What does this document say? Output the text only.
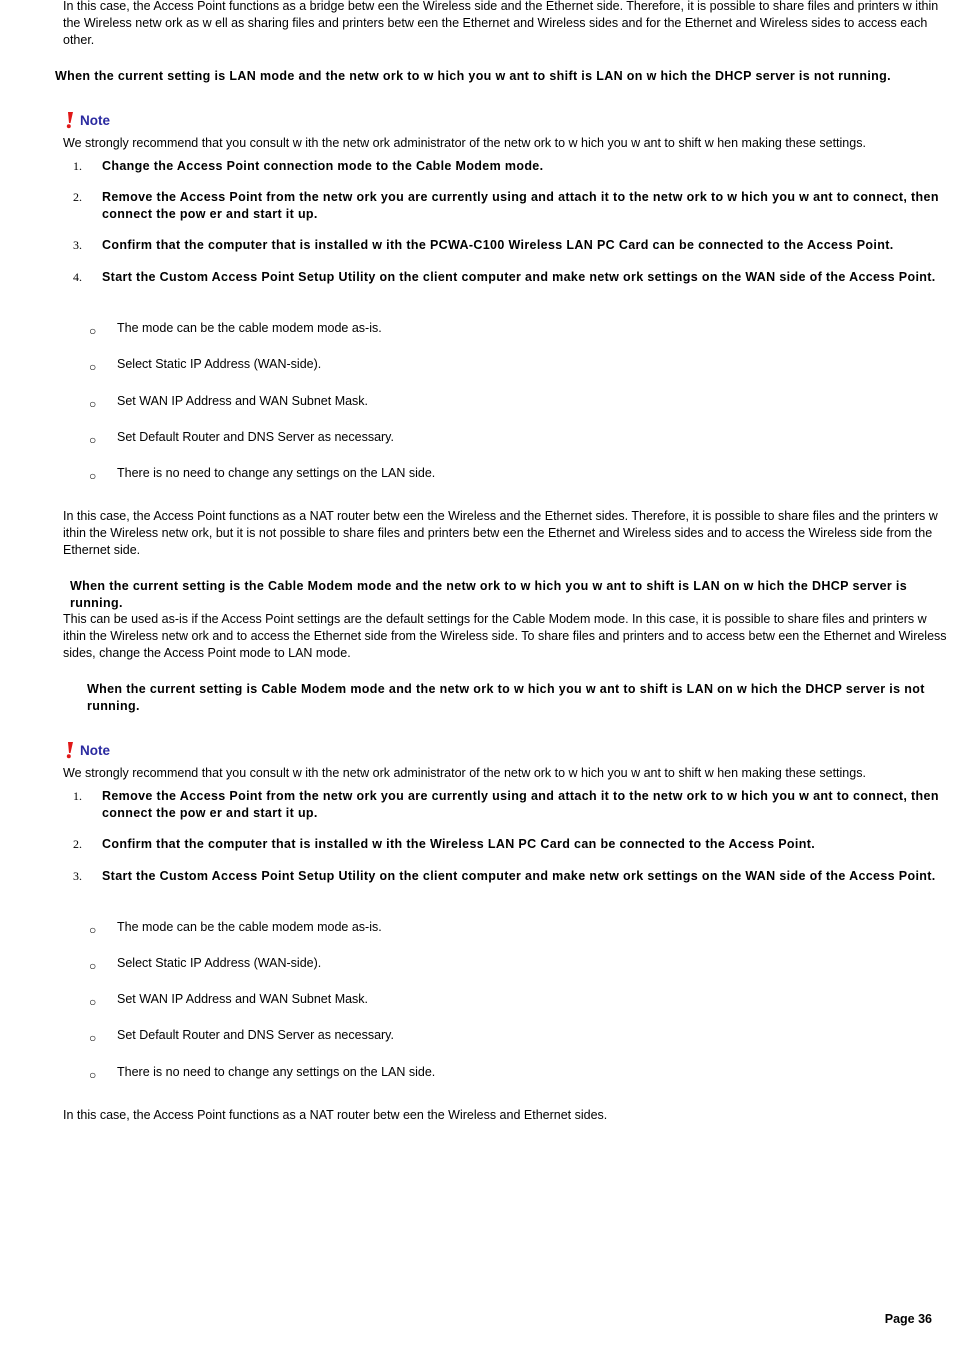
In this case, the Access Point functions as a bridge betw een the Wireless side and the Ethernet side. Therefore, it is possible to share files and printers w ithin the Wireless netw ork as w ell as sharing files and printers betw een the Ethernet and Wireless sides and for the Ethernet and Wireless sides to access each other.
When the current setting is LAN mode and the netw ork to w hich you w ant to shift is LAN on w hich the DHCP server is not running.
Note
We strongly recommend that you consult w ith the netw ork administrator of the netw ork to w hich you w ant to shift w hen making these settings.
1. Change the Access Point connection mode to the Cable Modem mode.
2. Remove the Access Point from the netw ork you are currently using and attach it to the netw ork to w hich you w ant to connect, then connect the pow er and start it up.
3. Confirm that the computer that is installed w ith the PCWA-C100 Wireless LAN PC Card can be connected to the Access Point.
4. Start the Custom Access Point Setup Utility on the client computer and make netw ork settings on the WAN side of the Access Point.
○ The mode can be the cable modem mode as-is.
○ Select Static IP Address (WAN-side).
○ Set WAN IP Address and WAN Subnet Mask.
○ Set Default Router and DNS Server as necessary.
○ There is no need to change any settings on the LAN side.
In this case, the Access Point functions as a NAT router betw een the Wireless and the Ethernet sides. Therefore, it is possible to share files and the printers w ithin the Wireless netw ork, but it is not possible to share files and printers betw een the Ethernet and Wireless sides and to access the Wireless side from the Ethernet side.
When the current setting is the Cable Modem mode and the netw ork to w hich you w ant to shift is LAN on w hich the DHCP server is running.
This can be used as-is if the Access Point settings are the default settings for the Cable Modem mode. In this case, it is possible to share files and printers w ithin the Wireless netw ork and to access the Ethernet side from the Wireless side. To share files and printers and to access betw een the Ethernet and Wireless sides, change the Access Point mode to LAN mode.
When the current setting is Cable Modem mode and the netw ork to w hich you w ant to shift is LAN on w hich the DHCP server is not running.
Note
We strongly recommend that you consult w ith the netw ork administrator of the netw ork to w hich you w ant to shift w hen making these settings.
1. Remove the Access Point from the netw ork you are currently using and attach it to the netw ork to w hich you w ant to connect, then connect the pow er and start it up.
2. Confirm that the computer that is installed w ith the Wireless LAN PC Card can be connected to the Access Point.
3. Start the Custom Access Point Setup Utility on the client computer and make netw ork settings on the WAN side of the Access Point.
○ The mode can be the cable modem mode as-is.
○ Select Static IP Address (WAN-side).
○ Set WAN IP Address and WAN Subnet Mask.
○ Set Default Router and DNS Server as necessary.
○ There is no need to change any settings on the LAN side.
In this case, the Access Point functions as a NAT router betw een the Wireless and Ethernet sides.
Page 36
